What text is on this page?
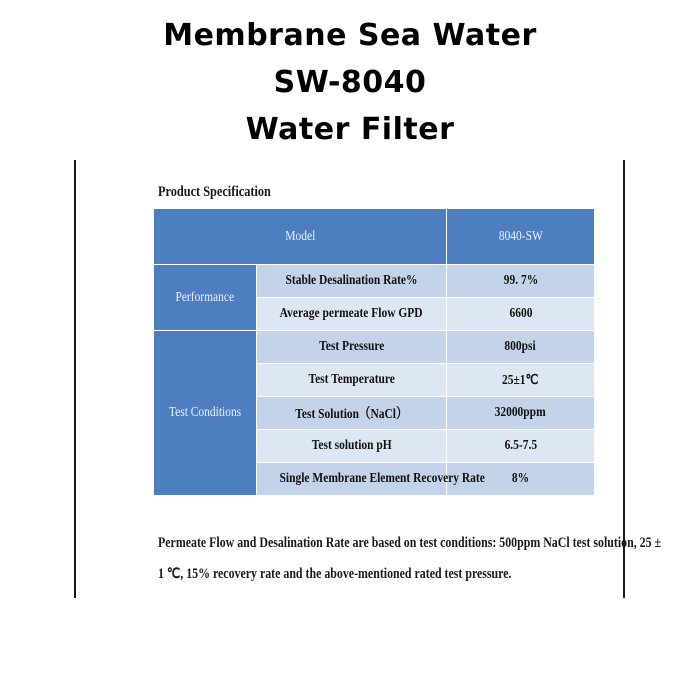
Membrane Sea Water
SW-8040
Water Filter
Product Specification
Model		8040-SW
Performance	Stable Desalination Rate%	99. 7%
	Average permeate Flow GPD	6600
Test Conditions	Test Pressure	800psi
	Test Temperature	25±1℃
	Test Solution（NaCl）	32000ppm
	Test solution pH	6.5-7.5
	Single Membrane Element Recovery Rate	8%
Permeate Flow and Desalination Rate are based on test conditions: 500ppm NaCl test solution, 25 ±
1 ℃, 15% recovery rate and the above-mentioned rated test pressure.
